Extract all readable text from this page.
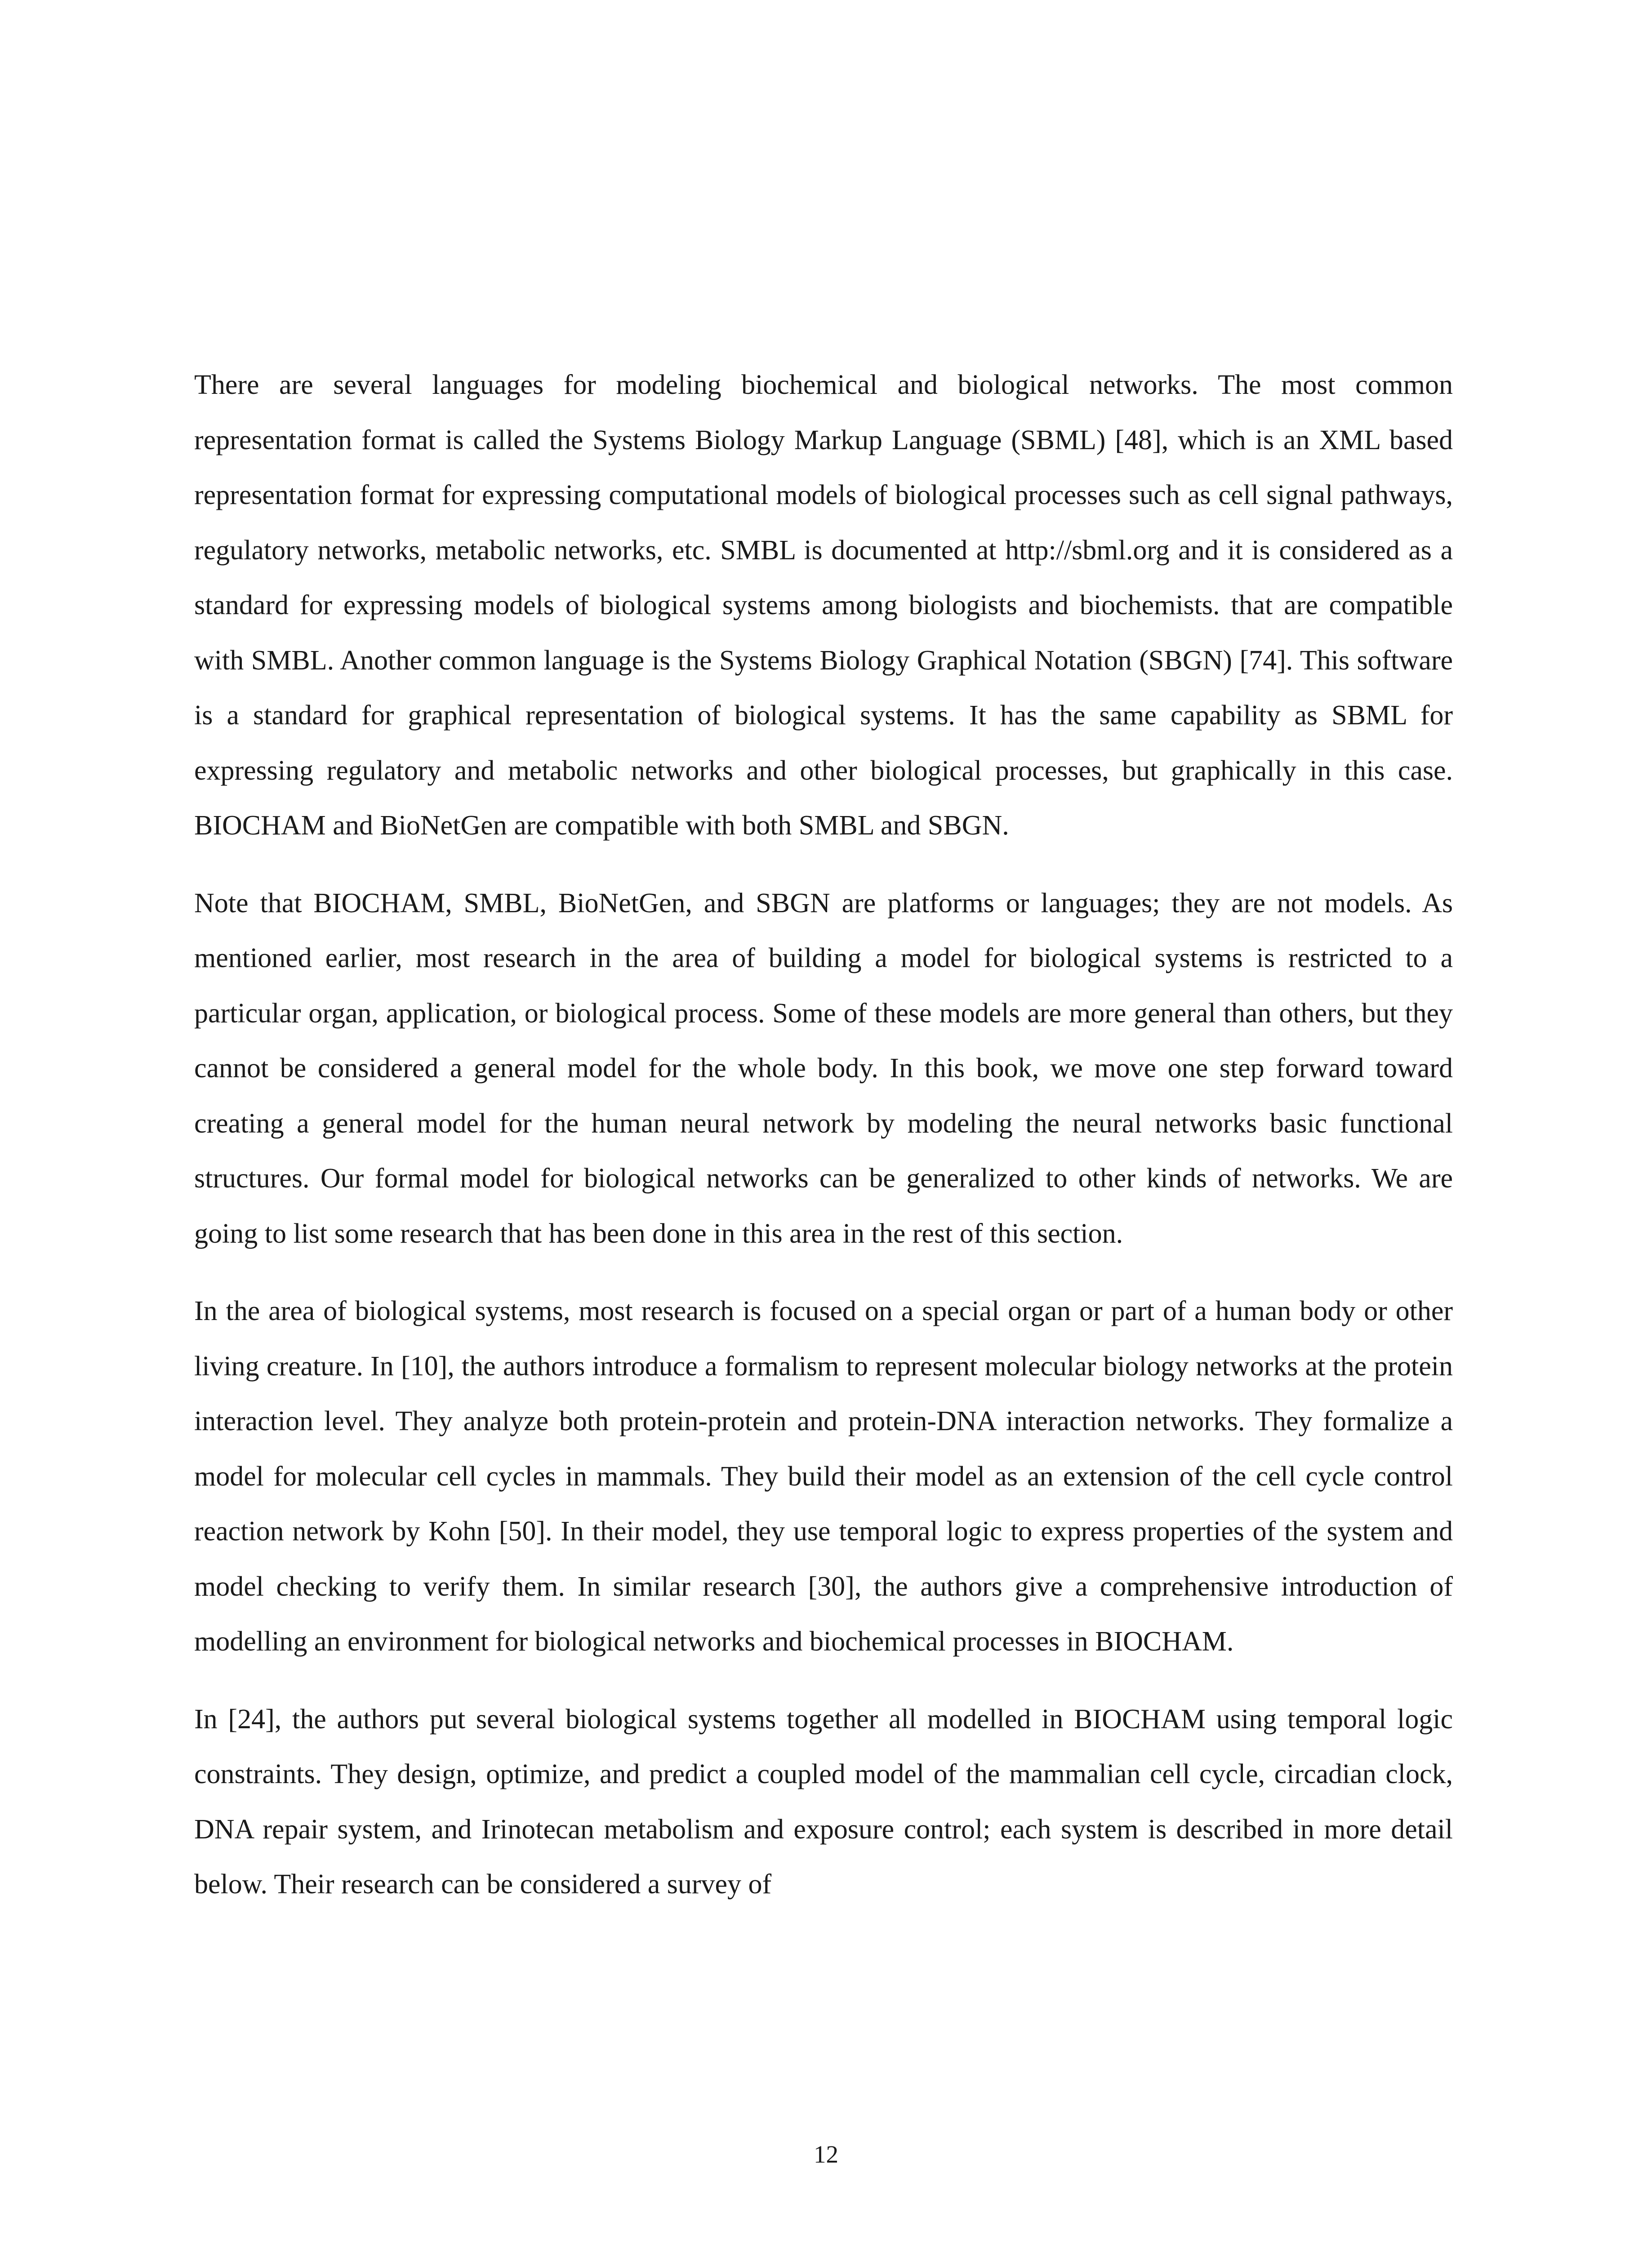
There are several languages for modeling biochemical and biological networks. The most common representation format is called the Systems Biology Markup Language (SBML) [48], which is an XML based representation format for expressing computational models of biological processes such as cell signal pathways, regulatory networks, metabolic networks, etc. SMBL is documented at http://sbml.org and it is considered as a standard for expressing models of biological systems among biologists and biochemists. that are compatible with SMBL. Another common language is the Systems Biology Graphical Notation (SBGN) [74]. This software is a standard for graphical representation of biological systems. It has the same capability as SBML for expressing regulatory and metabolic networks and other biological processes, but graphically in this case. BIOCHAM and BioNetGen are compatible with both SMBL and SBGN.

Note that BIOCHAM, SMBL, BioNetGen, and SBGN are platforms or languages; they are not models. As mentioned earlier, most research in the area of building a model for biological systems is restricted to a particular organ, application, or biological process. Some of these models are more general than others, but they cannot be considered a general model for the whole body. In this book, we move one step forward toward creating a general model for the human neural network by modeling the neural networks basic functional structures. Our formal model for biological networks can be generalized to other kinds of networks. We are going to list some research that has been done in this area in the rest of this section.

In the area of biological systems, most research is focused on a special organ or part of a human body or other living creature. In [10], the authors introduce a formalism to represent molecular biology networks at the protein interaction level. They analyze both protein-protein and protein-DNA interaction networks. They formalize a model for molecular cell cycles in mammals. They build their model as an extension of the cell cycle control reaction network by Kohn [50]. In their model, they use temporal logic to express properties of the system and model checking to verify them. In similar research [30], the authors give a comprehensive introduction of modelling an environment for biological networks and biochemical processes in BIOCHAM.

In [24], the authors put several biological systems together all modelled in BIOCHAM using temporal logic constraints. They design, optimize, and predict a coupled model of the mammalian cell cycle, circadian clock, DNA repair system, and Irinotecan metabolism and exposure control; each system is described in more detail below. Their research can be considered a survey of

12
